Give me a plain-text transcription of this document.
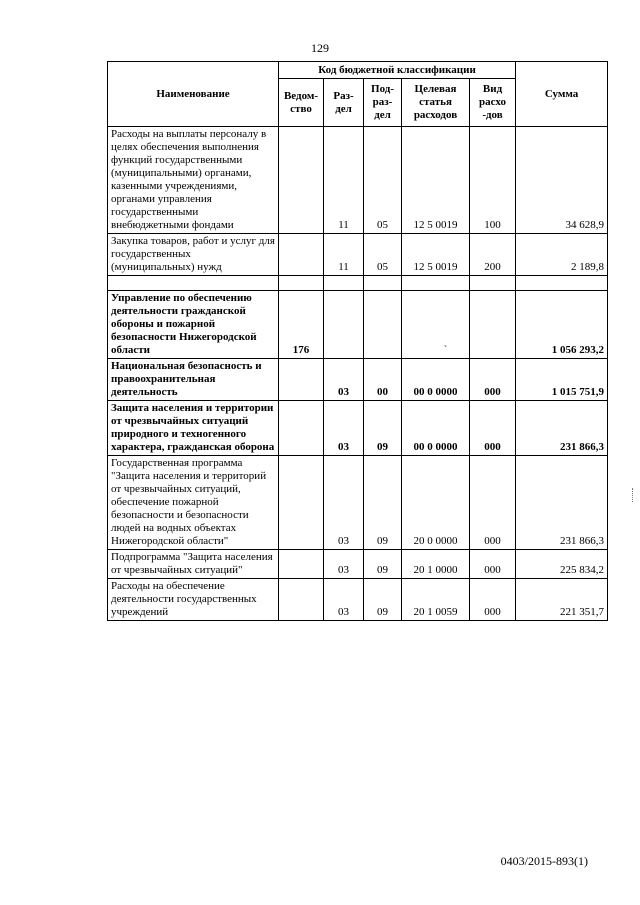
129
Наименование	Код бюджетной классификации					Сумма
	Ведом-ство	Раз-дел	Под-раз-дел	Целевая статья расходов	Вид расхо -дов	
Расходы на выплаты персоналу в целях обеспечения выполнения функций государственными (муниципальными) органами, казенными учреждениями, органами управления государственными внебюджетными фондами		11	05	12 5 0019	100	34 628,9
Закупка товаров, работ и услуг для государственных (муниципальных) нужд		11	05	12 5 0019	200	2 189,8

Управление по обеспечению деятельности гражданской обороны и пожарной безопасности Нижегородской области	176			`		1 056 293,2
Национальная безопасность и правоохранительная деятельность		03	00	00 0 0000	000	1 015 751,9
Защита населения и территории от чрезвычайных ситуаций природного и техногенного характера, гражданская оборона		03	09	00 0 0000	000	231 866,3
Государственная программа "Защита населения и территорий от чрезвычайных ситуаций, обеспечение пожарной безопасности и безопасности людей на водных объектах Нижегородской области"		03	09	20 0 0000	000	231 866,3
Подпрограмма "Защита населения от чрезвычайных ситуаций"		03	09	20 1 0000	000	225 834,2
Расходы на обеспечение деятельности государственных учреждений		03	09	20 1 0059	000	221 351,7
0403/2015-893(1)
